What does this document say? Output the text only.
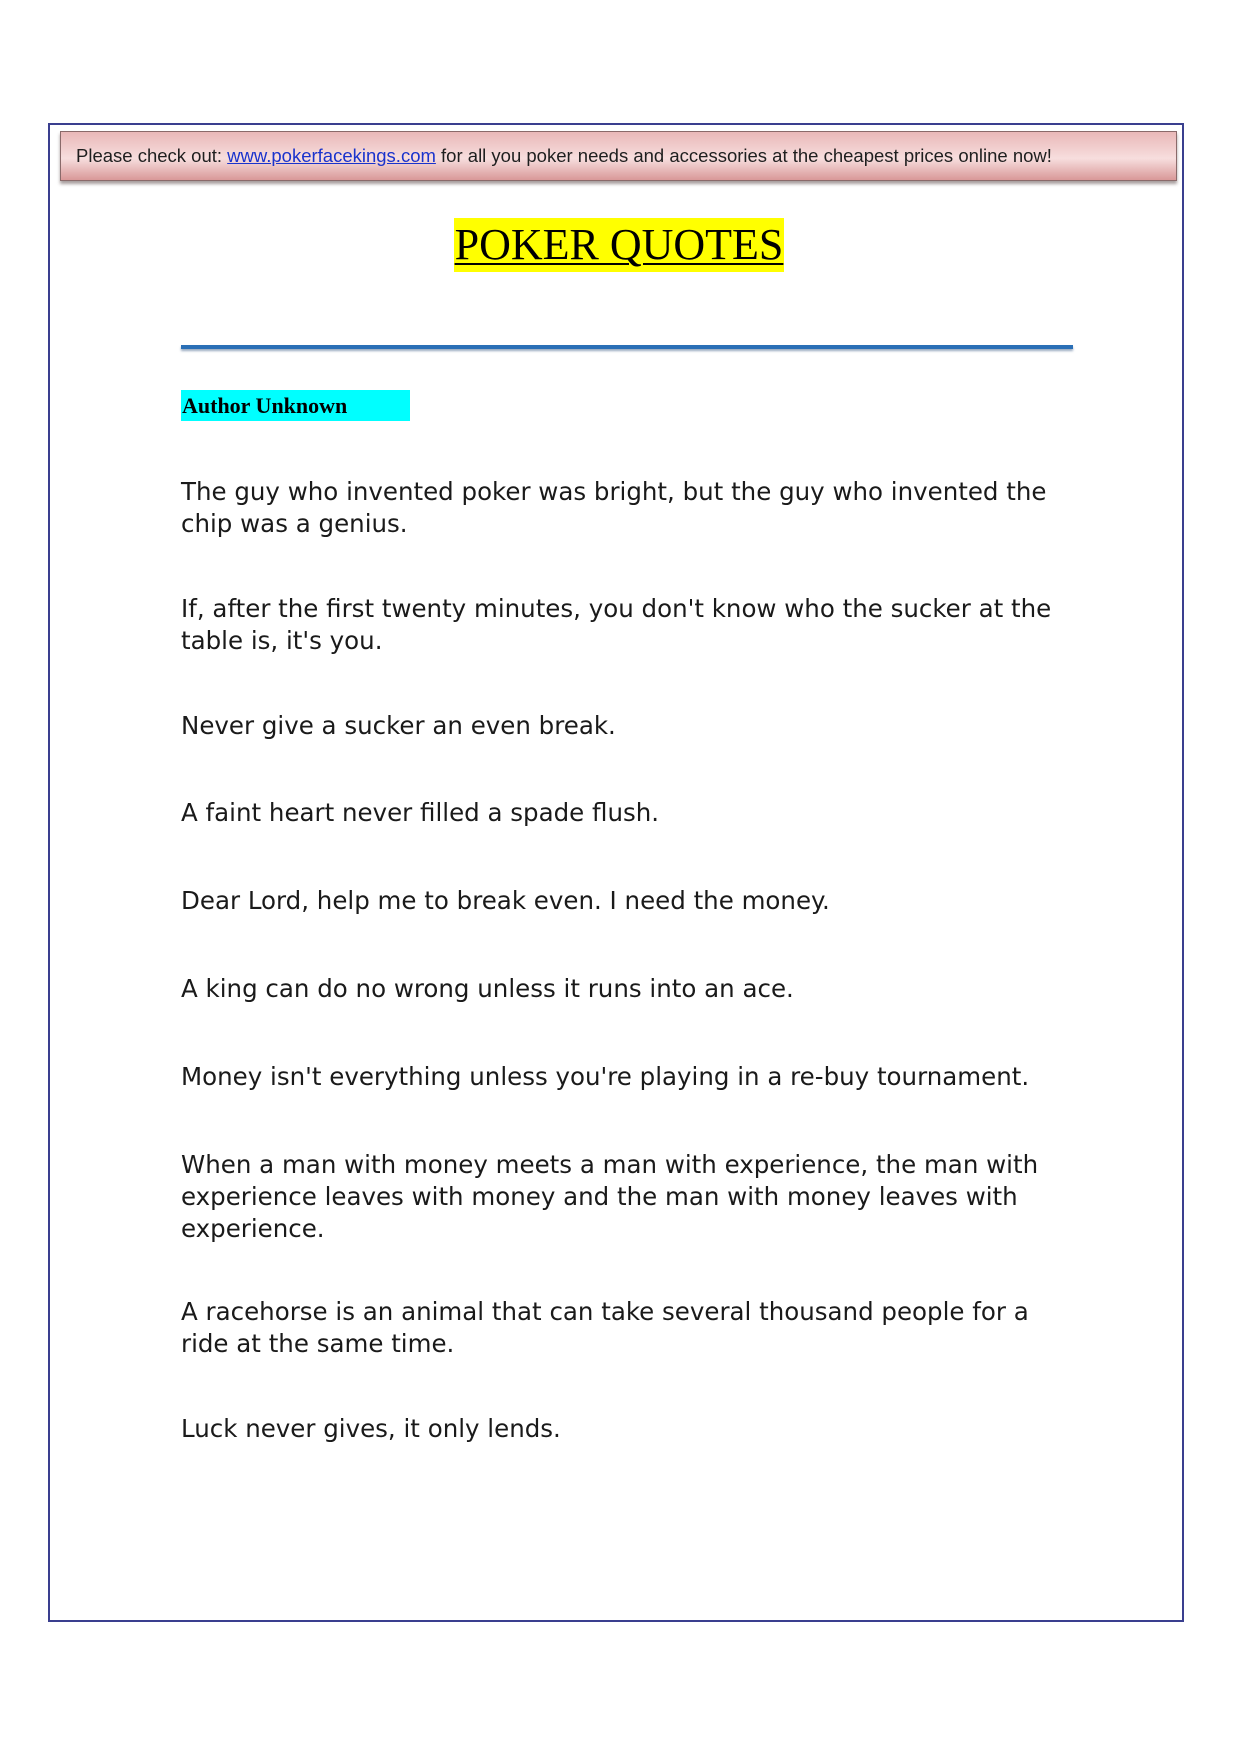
Please check out: www.pokerfacekings.com for all you poker needs and accessories at the cheapest prices online now!
POKER QUOTES
Author Unknown

The guy who invented poker was bright, but the guy who invented the chip was a genius.

If, after the first twenty minutes, you don't know who the sucker at the table is, it's you.

Never give a sucker an even break.

A faint heart never filled a spade flush.

Dear Lord, help me to break even. I need the money.

A king can do no wrong unless it runs into an ace.

Money isn't everything unless you're playing in a re-buy tournament.

When a man with money meets a man with experience, the man with experience leaves with money and the man with money leaves with experience.

A racehorse is an animal that can take several thousand people for a ride at the same time.

Luck never gives, it only lends.
